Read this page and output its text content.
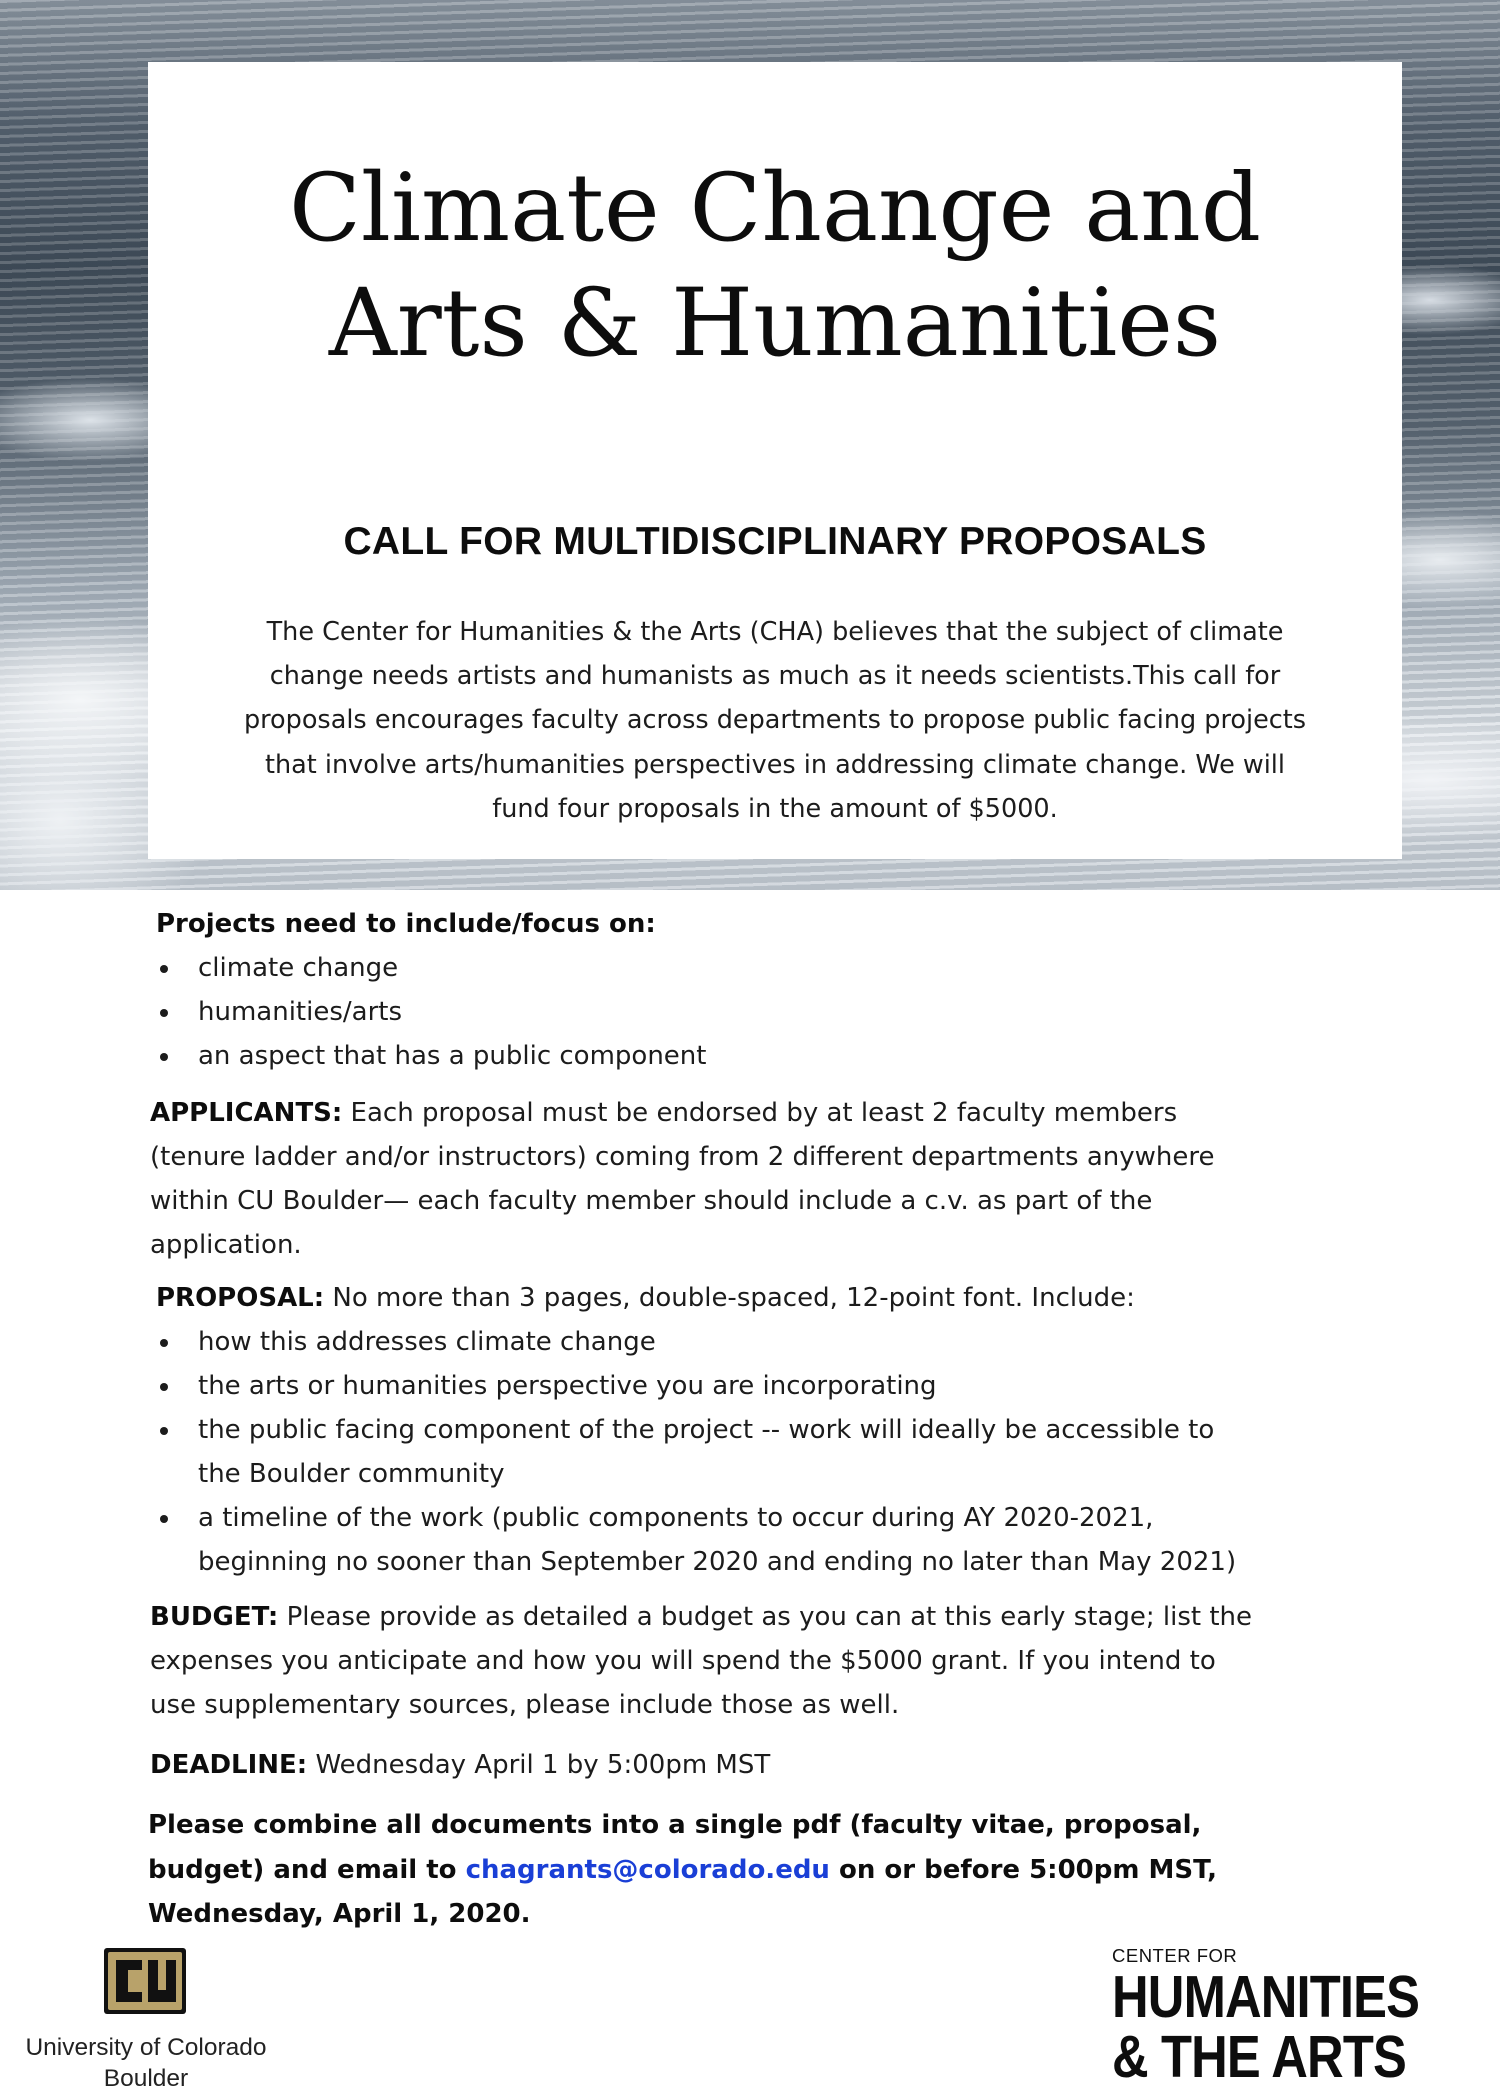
Climate Change and
Arts & Humanities
CALL FOR MULTIDISCIPLINARY PROPOSALS

The Center for Humanities & the Arts (CHA) believes that the subject of climate
change needs artists and humanists as much as it needs scientists.This call for
proposals encourages faculty across departments to propose public facing projects
that involve arts/humanities perspectives in addressing climate change. We will
fund four proposals in the amount of $5000.

Projects need to include/focus on:

climate change
humanities/arts
an aspect that has a public component

APPLICANTS: Each proposal must be endorsed by at least 2 faculty members
(tenure ladder and/or instructors) coming from 2 different departments anywhere
within CU Boulder— each faculty member should include a c.v. as part of the
application.

PROPOSAL: No more than 3 pages, double-spaced, 12-point font. Include:

how this addresses climate change
the arts or humanities perspective you are incorporating
the public facing component of the project -- work will ideally be accessible to
the Boulder community
a timeline of the work (public components to occur during AY 2020-2021,
beginning no sooner than September 2020 and ending no later than May 2021)

BUDGET: Please provide as detailed a budget as you can at this early stage; list the
expenses you anticipate and how you will spend the $5000 grant. If you intend to
use supplementary sources, please include those as well.

DEADLINE: Wednesday April 1 by 5:00pm MST

Please combine all documents into a single pdf (faculty vitae, proposal,
budget) and email to chagrants@colorado.edu on or before 5:00pm MST,
Wednesday, April 1, 2020.

University of Colorado
Boulder
CENTER FOR
HUMANITIES
& THE ARTS
